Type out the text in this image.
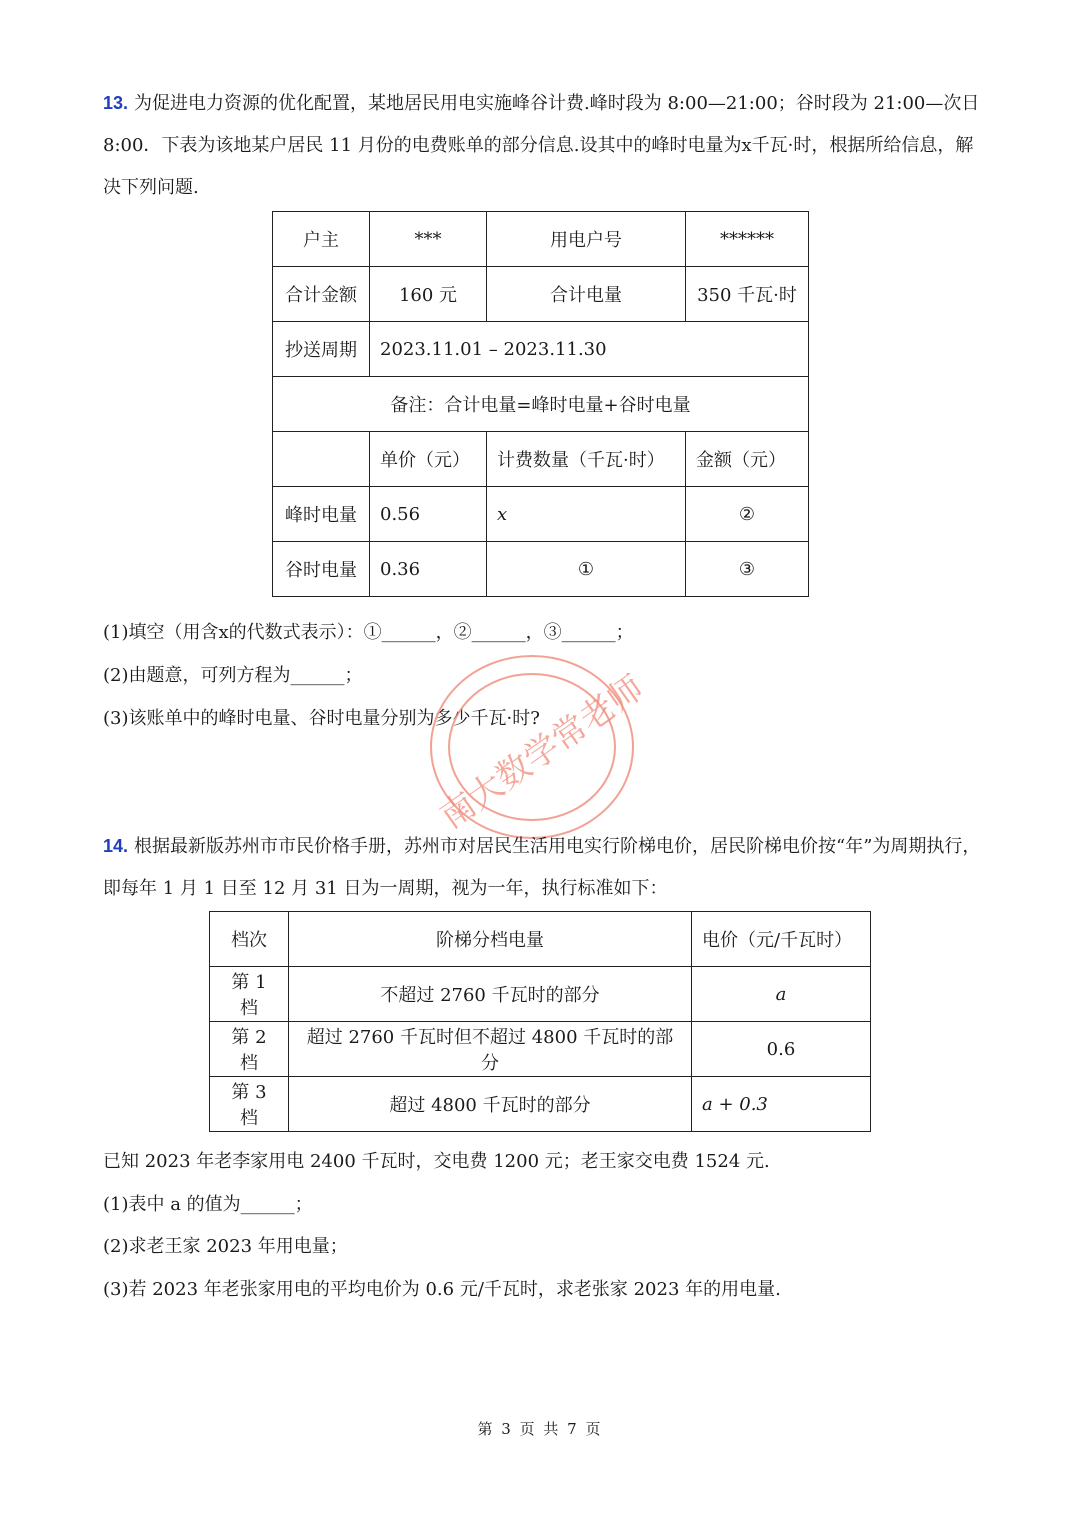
13. 为促进电力资源的优化配置，某地居民用电实施峰谷计费.峰时段为 8:00—21:00；谷时段为 21:00—次日 8:00．下表为该地某户居民 11 月份的电费账单的部分信息.设其中的峰时电量为x千瓦·时，根据所给信息，解决下列问题.

户主	***	用电户号	******
合计金额	160 元	合计电量	350 千瓦·时
抄送周期	2023.11.01 – 2023.11.30		
备注：合计电量=峰时电量+谷时电量			
	单价（元）	计费数量（千瓦·时）	金额（元）
峰时电量	0.56	x	②
谷时电量	0.36	①	③
(1)填空（用含x的代数式表示）：①______，②______，③______；
(2)由题意，可列方程为______；
(3)该账单中的峰时电量、谷时电量分别为多少千瓦·时?
南大数学常老师

14. 根据最新版苏州市市民价格手册，苏州市对居民生活用电实行阶梯电价，居民阶梯电价按“年”为周期执行，即每年 1 月 1 日至 12 月 31 日为一周期，视为一年，执行标准如下：

档次	阶梯分档电量	电价（元/千瓦时）
第 1 档	不超过 2760 千瓦时的部分	a
第 2 档	超过 2760 千瓦时但不超过 4800 千瓦时的部分	0.6
第 3 档	超过 4800 千瓦时的部分	a + 0.3
已知 2023 年老李家用电 2400 千瓦时，交电费 1200 元；老王家交电费 1524 元.
(1)表中 a 的值为______；
(2)求老王家 2023 年用电量；
(3)若 2023 年老张家用电的平均电价为 0.6 元/千瓦时，求老张家 2023 年的用电量.
第 3 页 共 7 页
